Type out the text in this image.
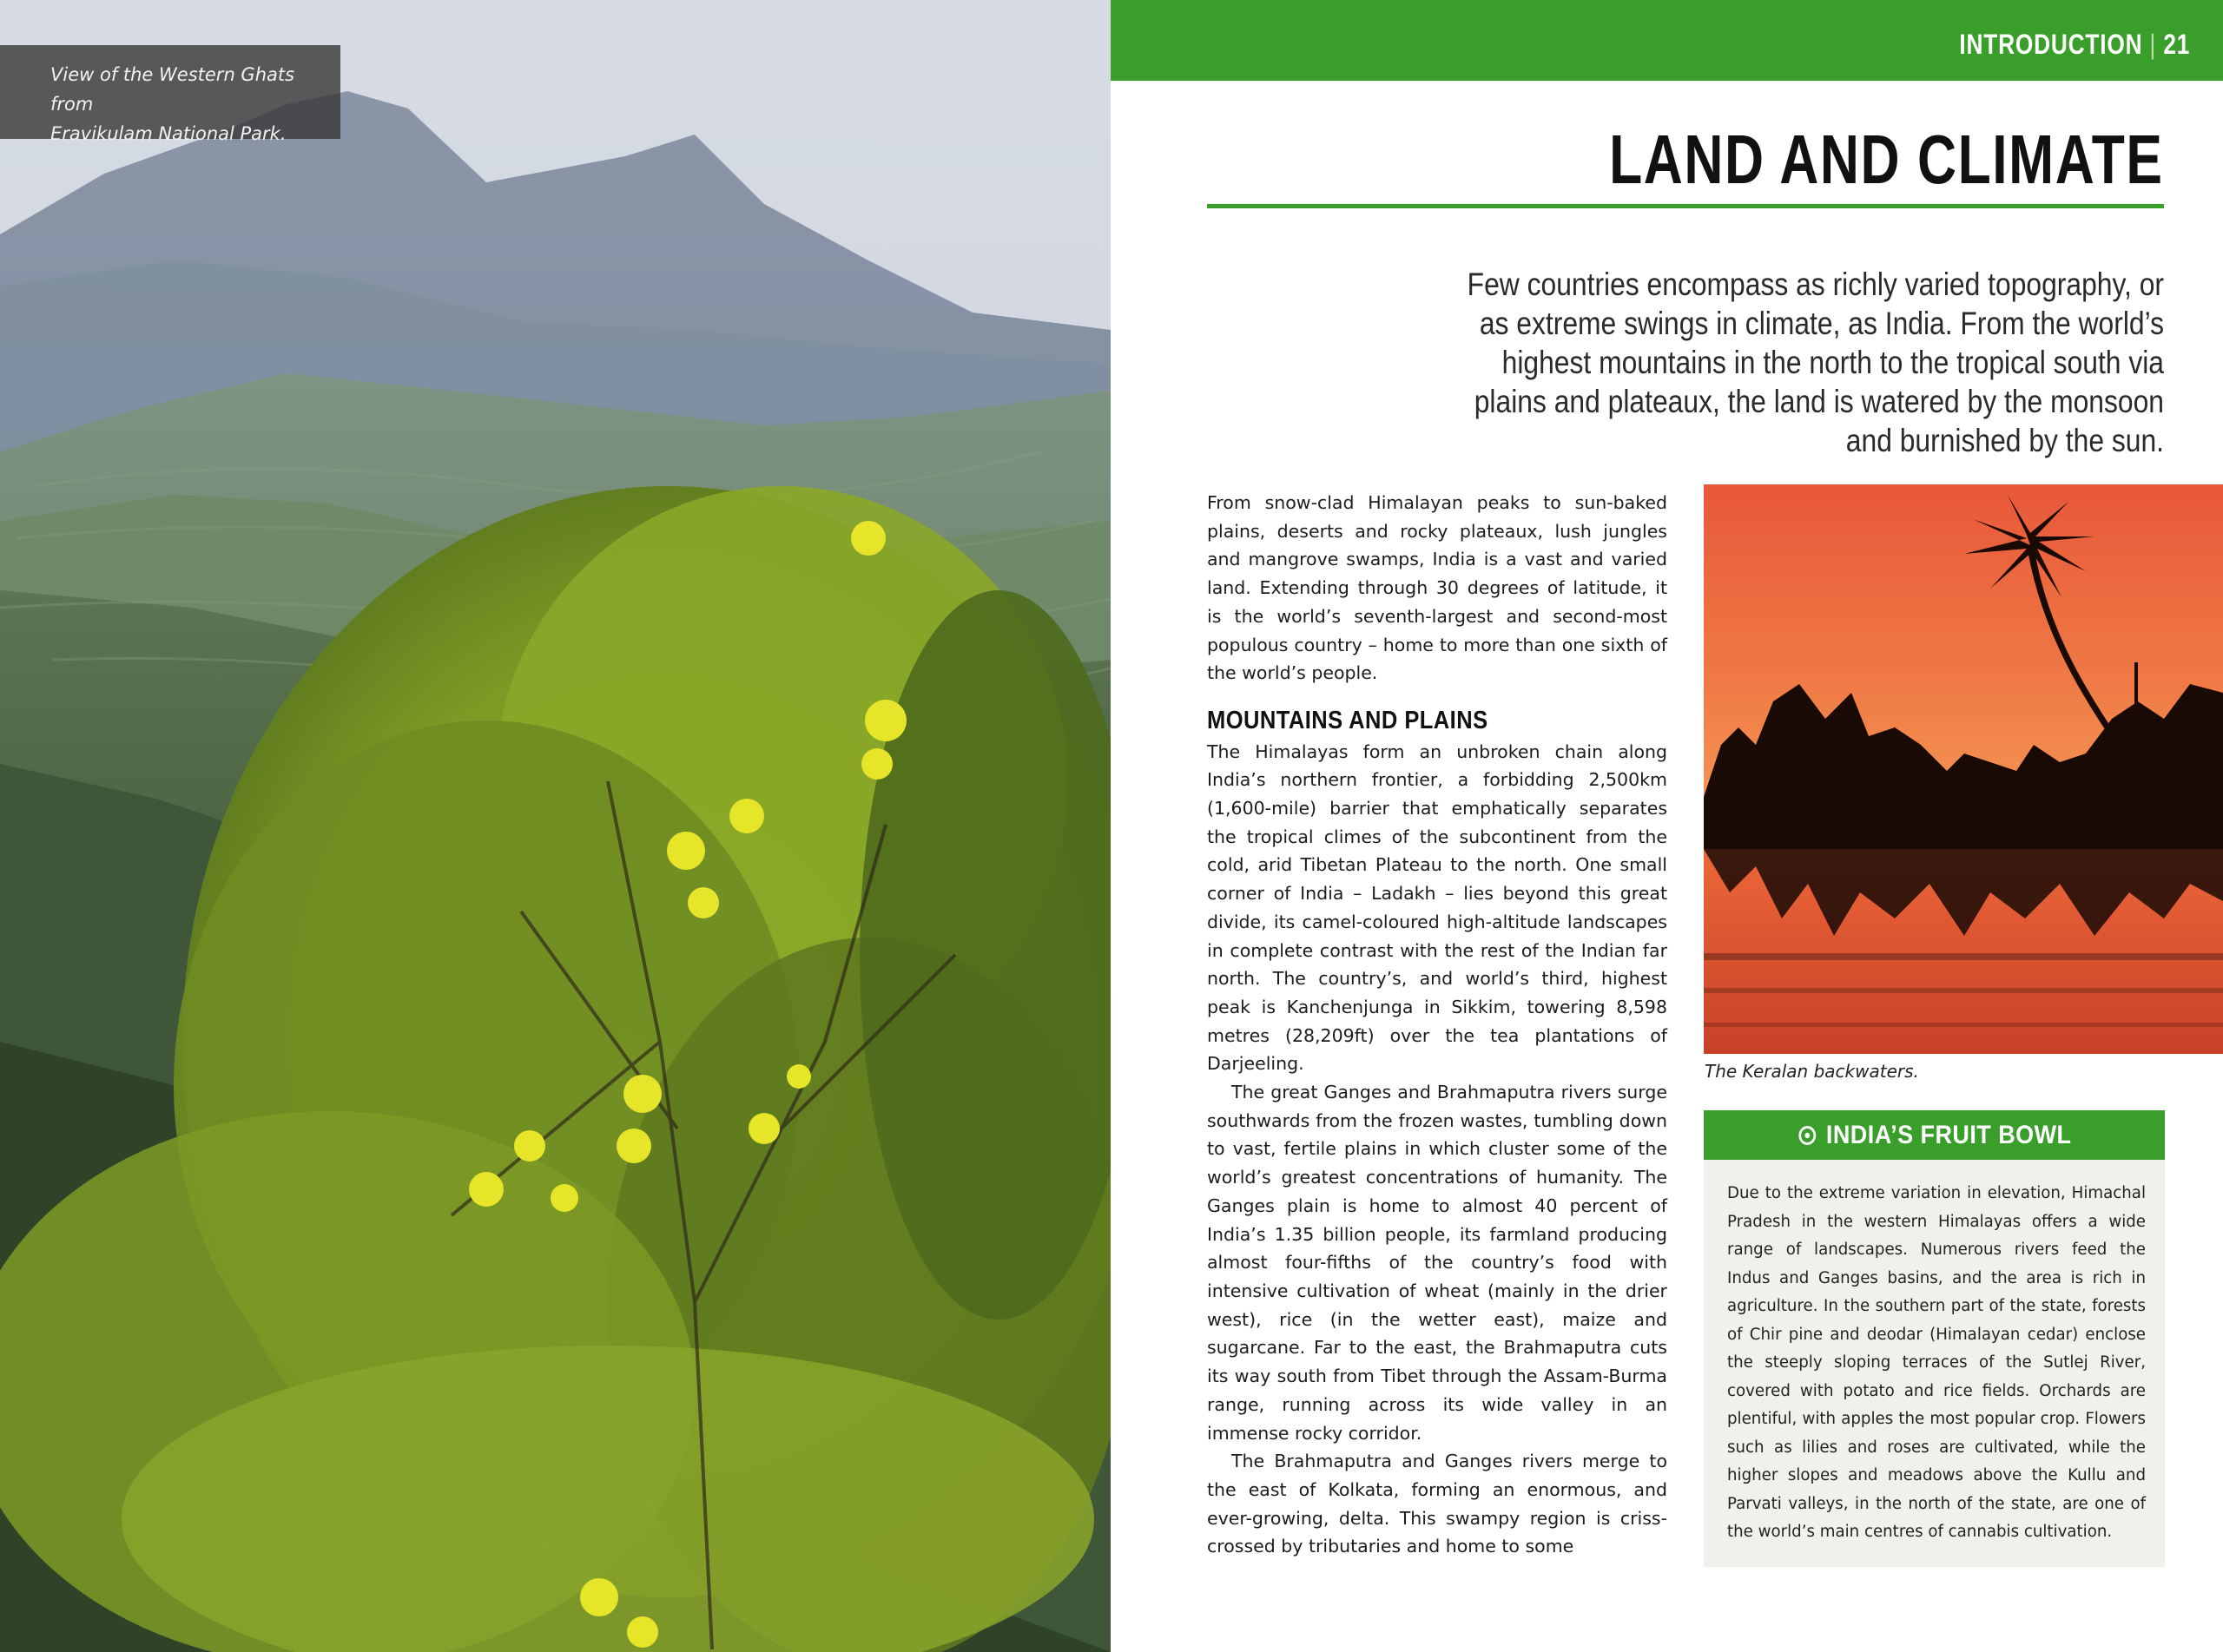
View of the Western Ghats from
Eravikulam National Park.
INTRODUCTION | 21
LAND AND CLIMATE
Few countries encompass as richly varied topography, or as extreme swings in climate, as India. From the world’s highest mountains in the north to the tropical south via plains and plateaux, the land is watered by the monsoon and burnished by the sun.

From snow-clad Himalayan peaks to sun-baked plains, deserts and rocky plateaux, lush jungles and mangrove swamps, India is a vast and varied land. Extending through 30 degrees of latitude, it is the world’s seventh-largest and second-most populous country – home to more than one sixth of the world’s people.

MOUNTAINS AND PLAINS

The Himalayas form an unbroken chain along India’s northern frontier, a forbidding 2,500km (1,600-mile) barrier that emphatically separates the tropical climes of the subcontinent from the cold, arid Tibetan Plateau to the north. One small corner of India – Ladakh – lies beyond this great divide, its camel-coloured high-altitude landscapes in complete contrast with the rest of the Indian far north. The country’s, and world’s third, highest peak is Kanchenjunga in Sikkim, towering 8,598 metres (28,209ft) over the tea plantations of Darjeeling.

The great Ganges and Brahmaputra rivers surge southwards from the frozen wastes, tumbling down to vast, fertile plains in which cluster some of the world’s greatest concentrations of humanity. The Ganges plain is home to almost 40 percent of India’s 1.35 billion people, its farmland producing almost four-fifths of the country’s food with intensive cultivation of wheat (mainly in the drier west), rice (in the wetter east), maize and sugarcane. Far to the east, the Brahmaputra cuts its way south from Tibet through the Assam-Burma range, running across its wide valley in an immense rocky corridor.

The Brahmaputra and Ganges rivers merge to the east of Kolkata, forming an enormous, and ever-growing, delta. This swampy region is criss-crossed by tributaries and home to some

The Keralan backwaters.
INDIA’S FRUIT BOWL

Due to the extreme variation in elevation, Himachal Pradesh in the western Himalayas offers a wide range of landscapes. Numerous rivers feed the Indus and Ganges basins, and the area is rich in agriculture. In the southern part of the state, forests of Chir pine and deodar (Himalayan cedar) enclose the steeply sloping terraces of the Sutlej River, covered with potato and rice fields. Orchards are plentiful, with apples the most popular crop. Flowers such as lilies and roses are cultivated, while the higher slopes and meadows above the Kullu and Parvati valleys, in the north of the state, are one of the world’s main centres of cannabis cultivation.
